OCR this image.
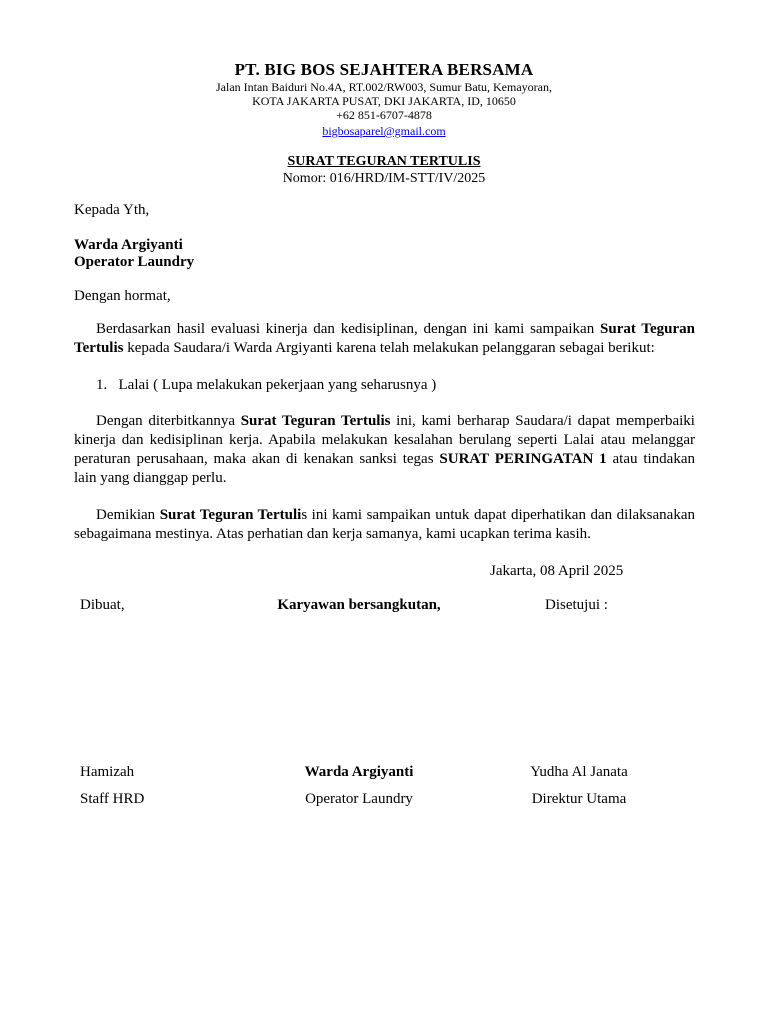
PT. BIG BOS SEJAHTERA BERSAMA
Jalan Intan Baiduri No.4A, RT.002/RW003, Sumur Batu, Kemayoran,
KOTA JAKARTA PUSAT, DKI JAKARTA, ID, 10650
+62 851-6707-4878
bigbosaparel@gmail.com
SURAT TEGURAN TERTULIS
Nomor: 016/HRD/IM-STT/IV/2025
Kepada Yth,
Warda Argiyanti
Operator Laundry
Dengan hormat,
Berdasarkan hasil evaluasi kinerja dan kedisiplinan, dengan ini kami sampaikan Surat Teguran Tertulis kepada Saudara/i Warda Argiyanti karena telah melakukan pelanggaran sebagai berikut:
1. Lalai ( Lupa melakukan pekerjaan yang seharusnya )
Dengan diterbitkannya Surat Teguran Tertulis ini, kami berharap Saudara/i dapat memperbaiki kinerja dan kedisiplinan kerja. Apabila melakukan kesalahan berulang seperti Lalai atau melanggar peraturan perusahaan, maka akan di kenakan sanksi tegas SURAT PERINGATAN 1 atau tindakan lain yang dianggap perlu.
Demikian Surat Teguran Tertulis ini kami sampaikan untuk dapat diperhatikan dan dilaksanakan sebagaimana mestinya. Atas perhatian dan kerja samanya, kami ucapkan terima kasih.
Jakarta, 08 April 2025
Dibuat,	Karyawan bersangkutan,	Disetujui :
Hamizah	Warda Argiyanti	Yudha Al Janata
Staff HRD	Operator Laundry	Direktur Utama
